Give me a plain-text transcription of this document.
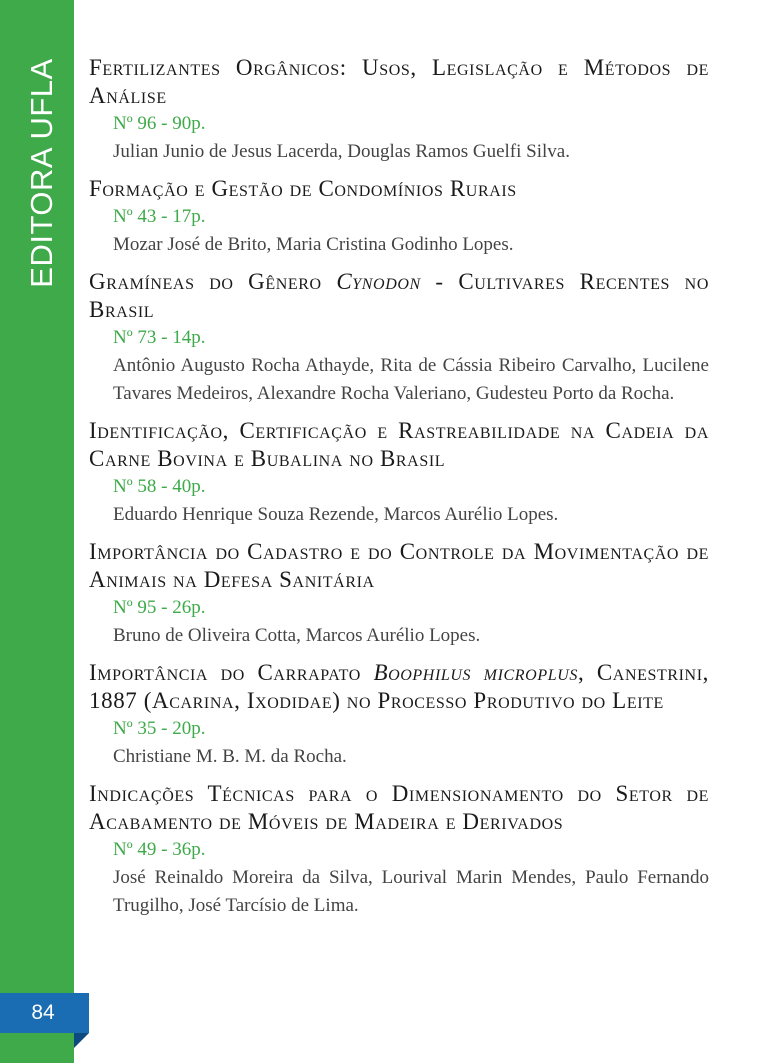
EDITORA UFLA
84
Fertilizantes Orgânicos: Usos, Legislação e Métodos de Análise
Nº 96 - 90p.
Julian Junio de Jesus Lacerda, Douglas Ramos Guelfi Silva.
Formação e Gestão de Condomínios Rurais
Nº 43 - 17p.
Mozar José de Brito, Maria Cristina Godinho Lopes.
Gramíneas do Gênero Cynodon - Cultivares Recentes no Brasil
Nº 73 - 14p.
Antônio Augusto Rocha Athayde, Rita de Cássia Ribeiro Carvalho, Lucilene Tavares Medeiros, Alexandre Rocha Valeriano, Gudesteu Porto da Rocha.
Identificação, Certificação e Rastreabilidade na Cadeia da Carne Bovina e Bubalina no Brasil
Nº 58 - 40p.
Eduardo Henrique Souza Rezende, Marcos Aurélio Lopes.
Importância do Cadastro e do Controle da Movimentação de Animais na Defesa Sanitária
Nº 95 - 26p.
Bruno de Oliveira Cotta, Marcos Aurélio Lopes.
Importância do Carrapato Boophilus microplus, Canestrini, 1887 (Acarina, Ixodidae) no Processo Produtivo do Leite
Nº 35 - 20p.
Christiane M. B. M. da Rocha.
Indicações Técnicas para o Dimensionamento do Setor de Acabamento de Móveis de Madeira e Derivados
Nº 49 - 36p.
José Reinaldo Moreira da Silva, Lourival Marin Mendes, Paulo Fernando Trugilho, José Tarcísio de Lima.
